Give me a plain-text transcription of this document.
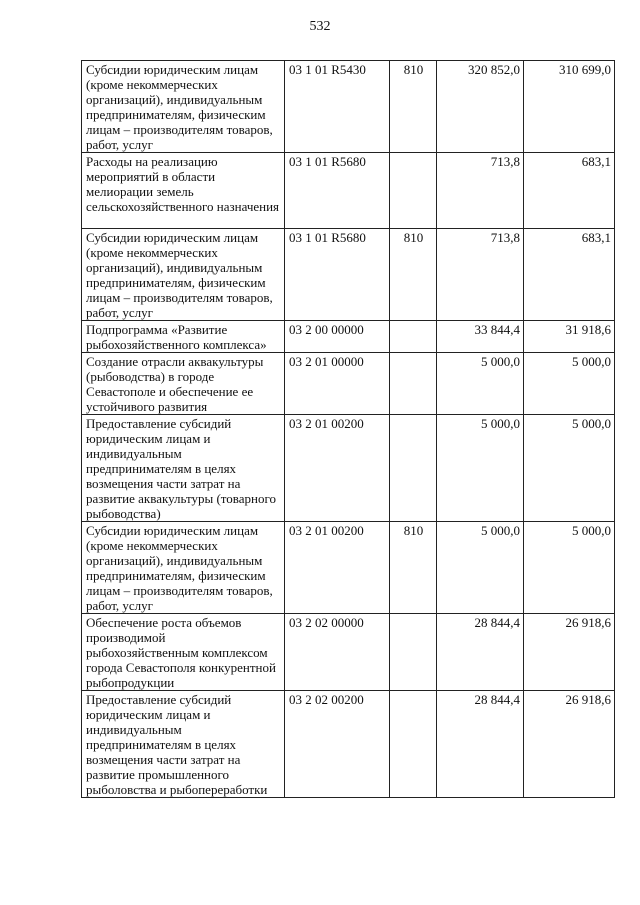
532
Субсидии юридическим лицам (кроме некоммерческих организаций), индивидуальным предпринимателям, физическим лицам – производителям товаров, работ, услуг	03 1 01 R5430	810	320 852,0	310 699,0
Расходы на реализацию мероприятий в области мелиорации земель сельскохозяйственного назначения	03 1 01 R5680		713,8	683,1
Субсидии юридическим лицам (кроме некоммерческих организаций), индивидуальным предпринимателям, физическим лицам – производителям товаров, работ, услуг	03 1 01 R5680	810	713,8	683,1
Подпрограмма «Развитие рыбохозяйственного комплекса»	03 2 00 00000		33 844,4	31 918,6
Создание отрасли аквакультуры (рыбоводства) в городе Севастополе и обеспечение ее устойчивого развития	03 2 01 00000		5 000,0	5 000,0
Предоставление субсидий юридическим лицам и индивидуальным предпринимателям в целях возмещения части затрат на развитие аквакультуры (товарного рыбоводства)	03 2 01 00200		5 000,0	5 000,0
Субсидии юридическим лицам (кроме некоммерческих организаций), индивидуальным предпринимателям, физическим лицам – производителям товаров, работ, услуг	03 2 01 00200	810	5 000,0	5 000,0
Обеспечение роста объемов производимой рыбохозяйственным комплексом города Севастополя конкурентной рыбопродукции	03 2 02 00000		28 844,4	26 918,6
Предоставление субсидий юридическим лицам и индивидуальным предпринимателям в целях возмещения части затрат на развитие промышленного рыболовства и рыбопереработки	03 2 02 00200		28 844,4	26 918,6
